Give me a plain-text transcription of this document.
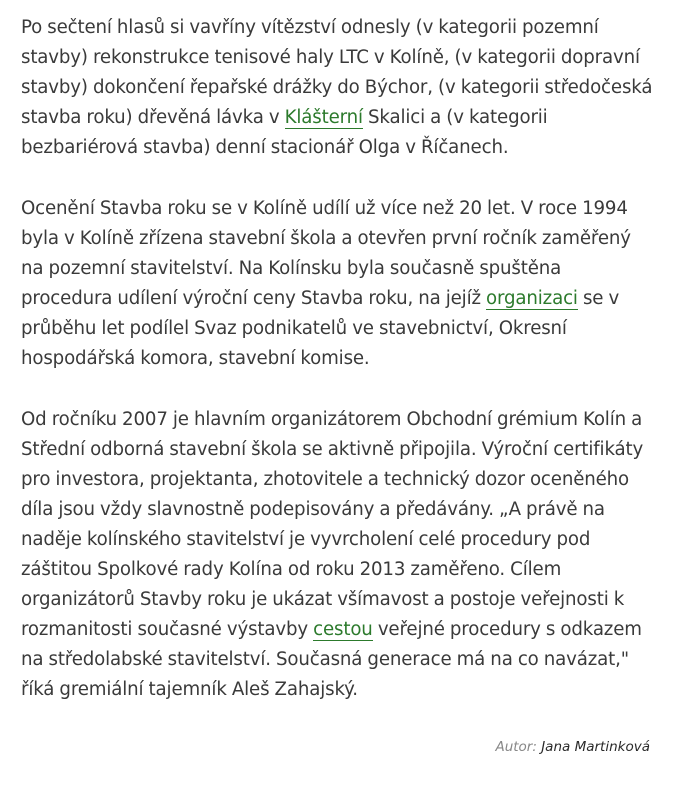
Po sečtení hlasů si vavříny vítězství odnesly (v kategorii pozemní stavby) rekonstrukce tenisové haly LTC v Kolíně, (v kategorii dopravní stavby) dokončení řepařské drážky do Býchor, (v kategorii středočeská stavba roku) dřevěná lávka v Klášterní Skalici a (v kategorii bezbariérová stavba) denní stacionář Olga v Říčanech.

Ocenění Stavba roku se v Kolíně udílí už více než 20 let. V roce 1994 byla v Kolíně zřízena stavební škola a otevřen první ročník zaměřený na pozemní stavitelství. Na Kolínsku byla současně spuštěna procedura udílení výroční ceny Stavba roku, na jejíž organizaci se v průběhu let podílel Svaz podnikatelů ve stavebnictví, Okresní hospodářská komora, stavební komise.

Od ročníku 2007 je hlavním organizátorem Obchodní grémium Kolín a Střední odborná stavební škola se aktivně připojila. Výroční certifikáty pro investora, projektanta, zhotovitele a technický dozor oceněného díla jsou vždy slavnostně podepisovány a předávány. „A právě na naděje kolínského stavitelství je vyvrcholení celé procedury pod záštitou Spolkové rady Kolína od roku 2013 zaměřeno. Cílem organizátorů Stavby roku je ukázat všímavost a postoje veřejnosti k rozmanitosti současné výstavby cestou veřejné procedury s odkazem na středolabské stavitelství. Současná generace má na co navázat," říká gremiální tajemník Aleš Zahajský.

Autor: Jana Martinková
